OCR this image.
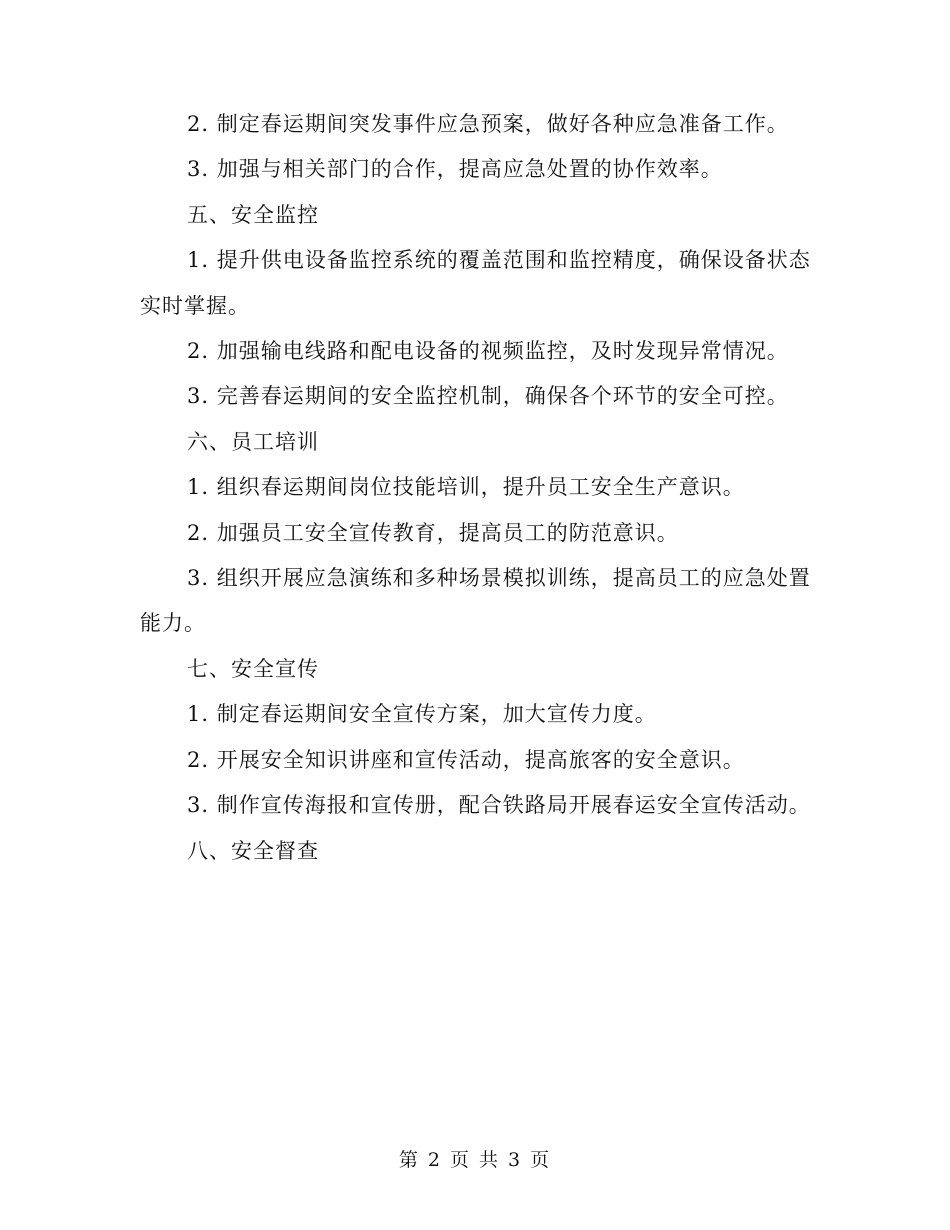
2. 制定春运期间突发事件应急预案，做好各种应急准备工作。

3. 加强与相关部门的合作，提高应急处置的协作效率。

五、安全监控

1. 提升供电设备监控系统的覆盖范围和监控精度，确保设备状态实时掌握。

2. 加强输电线路和配电设备的视频监控，及时发现异常情况。

3. 完善春运期间的安全监控机制，确保各个环节的安全可控。

六、员工培训

1. 组织春运期间岗位技能培训，提升员工安全生产意识。

2. 加强员工安全宣传教育，提高员工的防范意识。

3. 组织开展应急演练和多种场景模拟训练，提高员工的应急处置能力。

七、安全宣传

1. 制定春运期间安全宣传方案，加大宣传力度。

2. 开展安全知识讲座和宣传活动，提高旅客的安全意识。

3. 制作宣传海报和宣传册，配合铁路局开展春运安全宣传活动。

八、安全督查

第 2 页 共 3 页
